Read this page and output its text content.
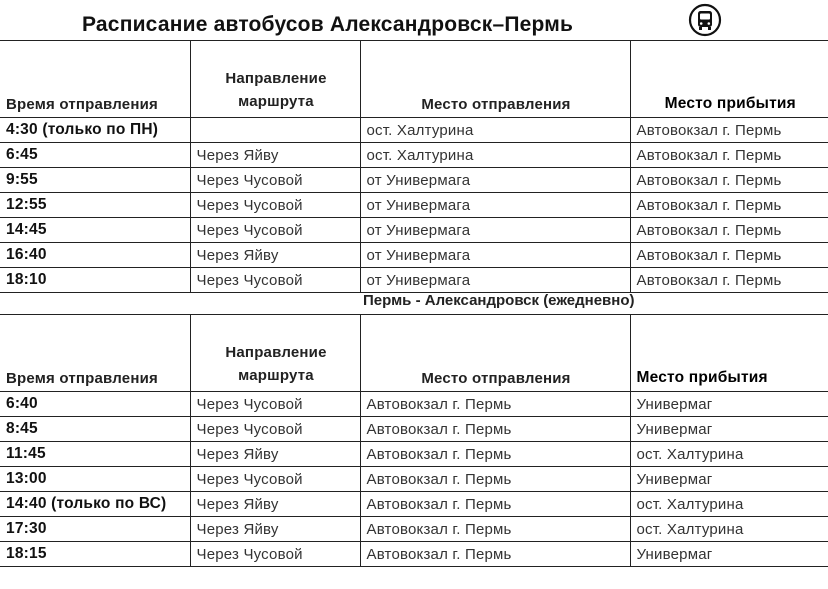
Расписание автобусов Александровск–Пермь
Время отправления	Направление маршрута	Место отправления	Место прибытия
4:30 (только по ПН)		ост. Халтурина	Автовокзал г. Пермь
6:45	Через Яйву	ост. Халтурина	Автовокзал г. Пермь
9:55	Через Чусовой	от Универмага	Автовокзал г. Пермь
12:55	Через Чусовой	от Универмага	Автовокзал г. Пермь
14:45	Через Чусовой	от Универмага	Автовокзал г. Пермь
16:40	Через Яйву	от Универмага	Автовокзал г. Пермь
18:10	Через Чусовой	от Универмага	Автовокзал г. Пермь
Пермь - Александровск (ежедневно)
Время отправления	Направление маршрута	Место отправления	Место прибытия
6:40	Через Чусовой	Автовокзал г. Пермь	Универмаг
8:45	Через Чусовой	Автовокзал г. Пермь	Универмаг
11:45	Через Яйву	Автовокзал г. Пермь	ост. Халтурина
13:00	Через Чусовой	Автовокзал г. Пермь	Универмаг
14:40 (только по ВС)	Через Яйву	Автовокзал г. Пермь	ост. Халтурина
17:30	Через Яйву	Автовокзал г. Пермь	ост. Халтурина
18:15	Через Чусовой	Автовокзал г. Пермь	Универмаг
